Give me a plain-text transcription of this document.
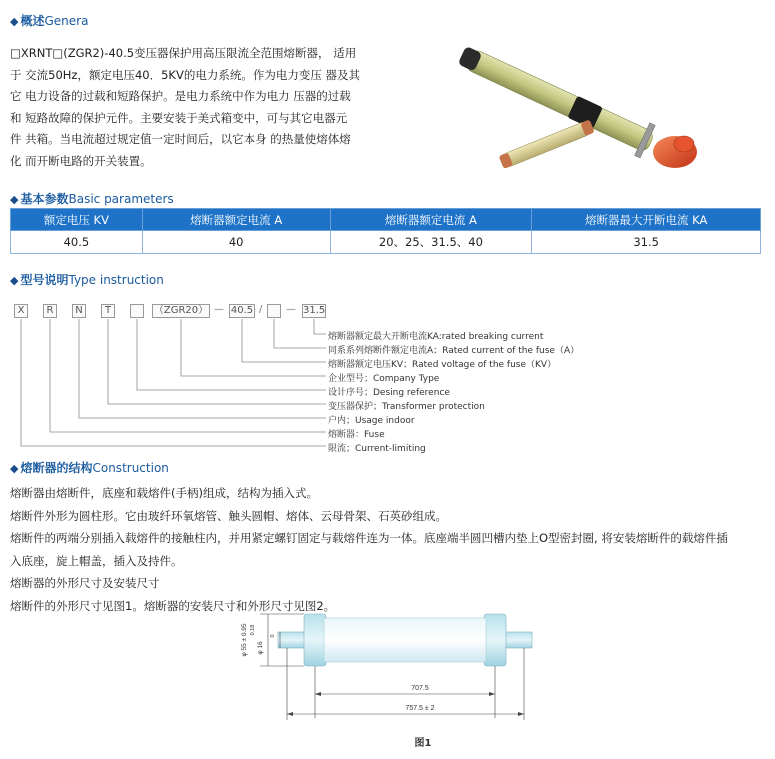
◆ 概述Genera
□XRNT□(ZGR2)-40.5变压器保护用高压限流全范围熔断器， 适用
于 交流50Hz，额定电压40．5KV的电力系统。作为电力变压 器及其
它 电力设备的过载和短路保护。是电力系统中作为电力 压器的过载
和 短路故障的保护元件。主要安装于美式箱变中，可与其它电器元
件 共箱。当电流超过规定值一定时间后，以它本身 的热量使熔体熔
化 而开断电路的开关装置。
◆ 基本参数Basic parameters
额定电压 KV	熔断器额定电流 A	熔断器额定电流 A	熔断器最大开断电流 KA
40.5	40	20、25、31.5、40	31.5
◆ 型号说明Type instruction
X	R	N	T	（ZGR20） — 40.5 / — 31.5
熔断器额定最大开断电流KA:rated breaking current
同系系列熔断件额定电流A；Rated current of the fuse（A）
熔断器额定电压KV；Rated voltage of the fuse（KV）
企业型号；Company Type
设计序号；Desing reference
变压器保护；Transformer protection
户内；Usage indoor
熔断器：Fuse
限流；Current-limiting
◆ 熔断器的结构Construction
熔断器由熔断件，底座和载熔件(手柄)组成，结构为插入式。
熔断件外形为圆柱形。它由玻纤环氧熔管、触头圆帽、熔体、云母骨架、石英砂组成。
熔断件的两端分别插入载熔件的接触柱内，并用紧定螺钉固定与载熔件连为一体。底座端半圆凹槽内垫上O型密封圈, 将安装熔断件的载熔件插
入底座，旋上帽盖，插入及持件。
熔断器的外形尺寸及安装尺寸
熔断件的外形尺寸见图1。熔断器的安装尺寸和外形尺寸见图2。
φ 55 ± 0.95 0.18
φ 16
0
707.5
757.5 ± 2
图1
